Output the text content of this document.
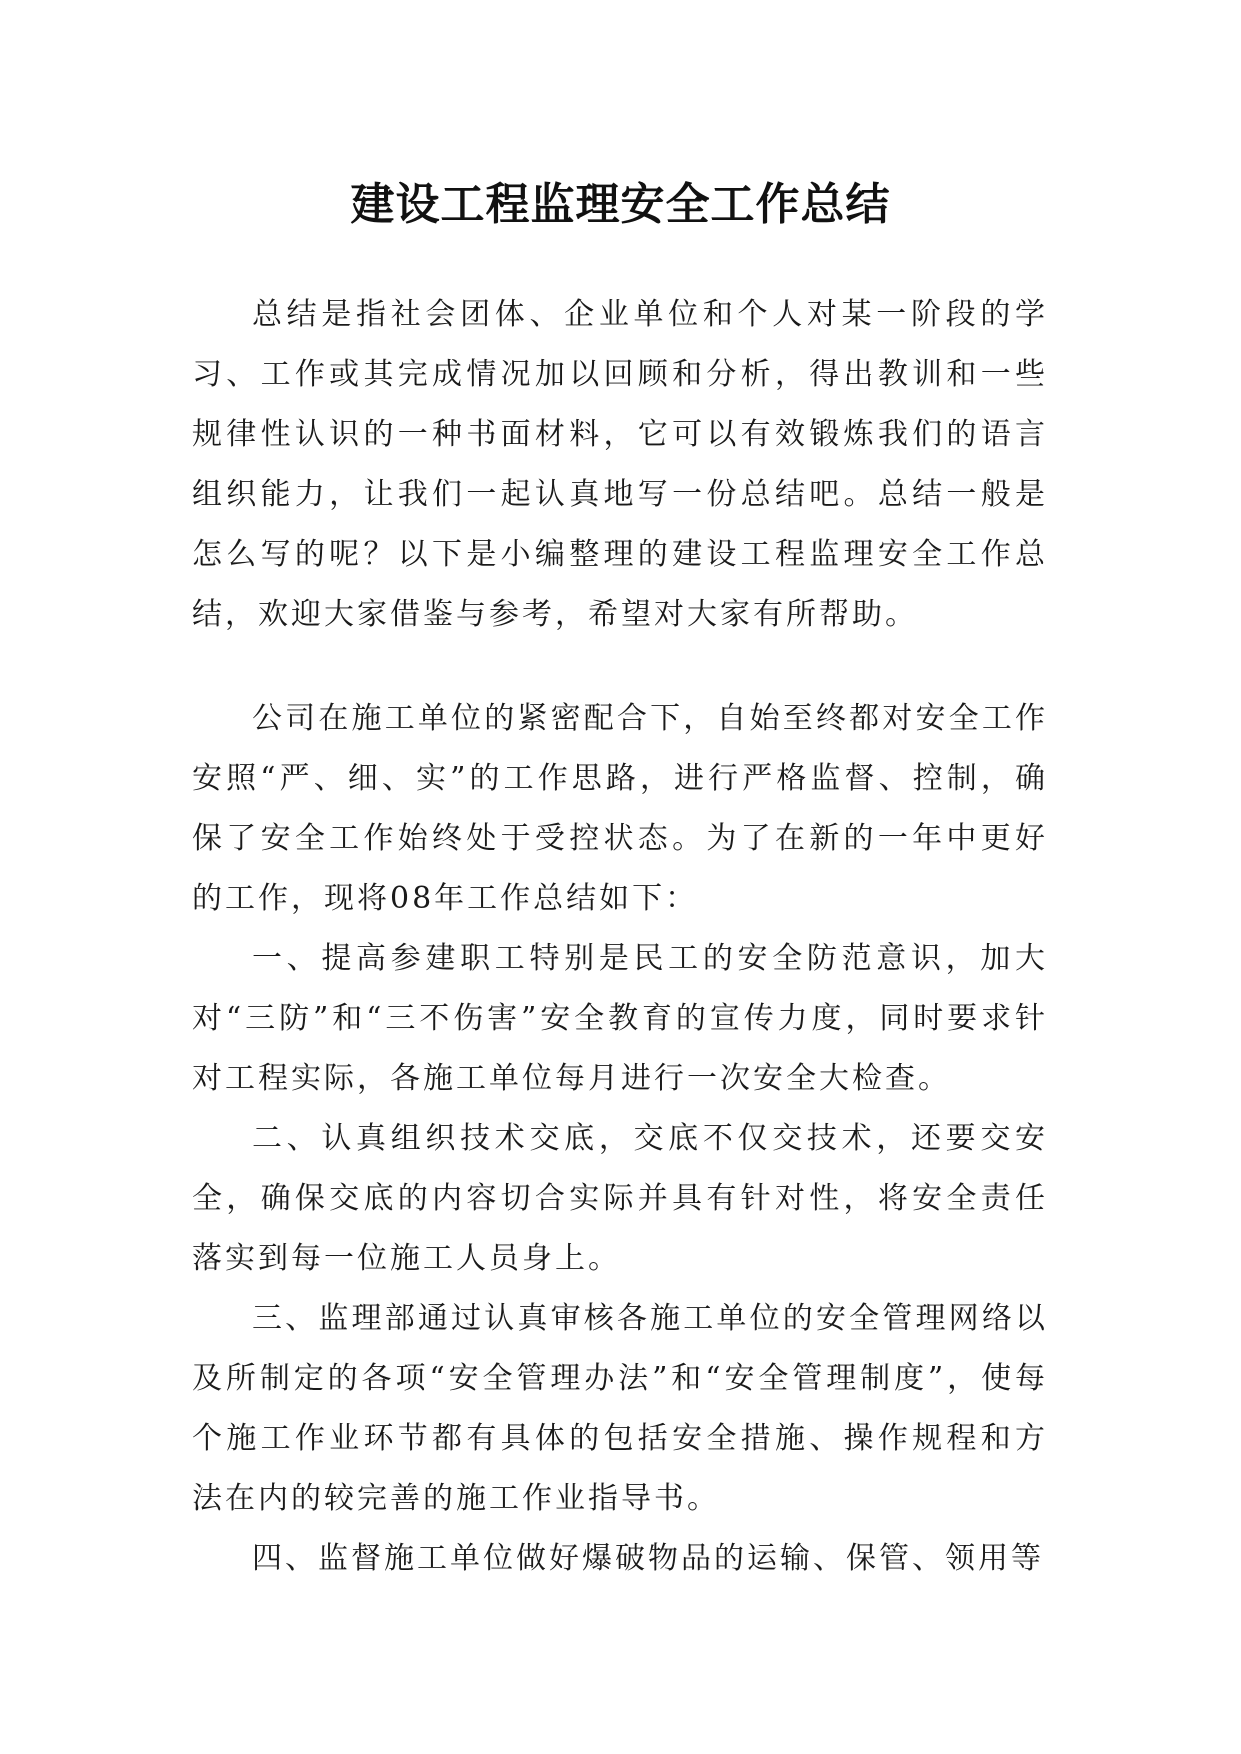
建设工程监理安全工作总结

总结是指社会团体、企业单位和个人对某一阶段的学习、工作或其完成情况加以回顾和分析，得出教训和一些规律性认识的一种书面材料，它可以有效锻炼我们的语言组织能力，让我们一起认真地写一份总结吧。总结一般是怎么写的呢？以下是小编整理的建设工程监理安全工作总结，欢迎大家借鉴与参考，希望对大家有所帮助。

公司在施工单位的紧密配合下，自始至终都对安全工作安照“严、细、实”的工作思路，进行严格监督、控制，确保了安全工作始终处于受控状态。为了在新的一年中更好的工作，现将08年工作总结如下：

一、提高参建职工特别是民工的安全防范意识，加大对“三防”和“三不伤害”安全教育的宣传力度，同时要求针对工程实际，各施工单位每月进行一次安全大检查。

二、认真组织技术交底，交底不仅交技术，还要交安全，确保交底的内容切合实际并具有针对性，将安全责任落实到每一位施工人员身上。

三、监理部通过认真审核各施工单位的安全管理网络以及所制定的各项“安全管理办法”和“安全管理制度”，使每个施工作业环节都有具体的包括安全措施、操作规程和方法在内的较完善的施工作业指导书。

四、监督施工单位做好爆破物品的运输、保管、领用等
